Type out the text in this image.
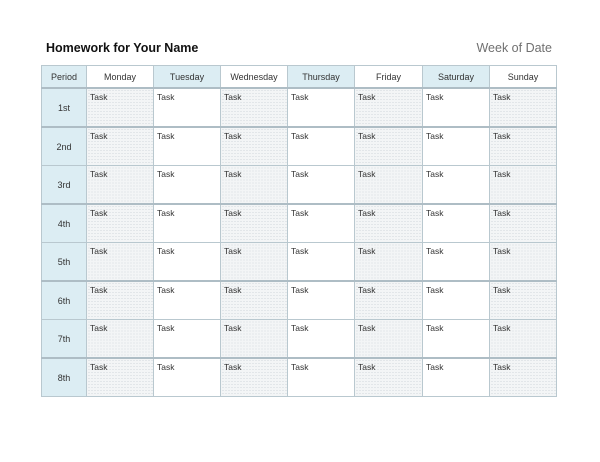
Homework for Your Name	Week of Date
Period	Monday	Tuesday	Wednesday	Thursday	Friday	Saturday	Sunday
1st	Task	Task	Task	Task	Task	Task	Task
2nd	Task	Task	Task	Task	Task	Task	Task
3rd	Task	Task	Task	Task	Task	Task	Task
4th	Task	Task	Task	Task	Task	Task	Task
5th	Task	Task	Task	Task	Task	Task	Task
6th	Task	Task	Task	Task	Task	Task	Task
7th	Task	Task	Task	Task	Task	Task	Task
8th	Task	Task	Task	Task	Task	Task	Task
